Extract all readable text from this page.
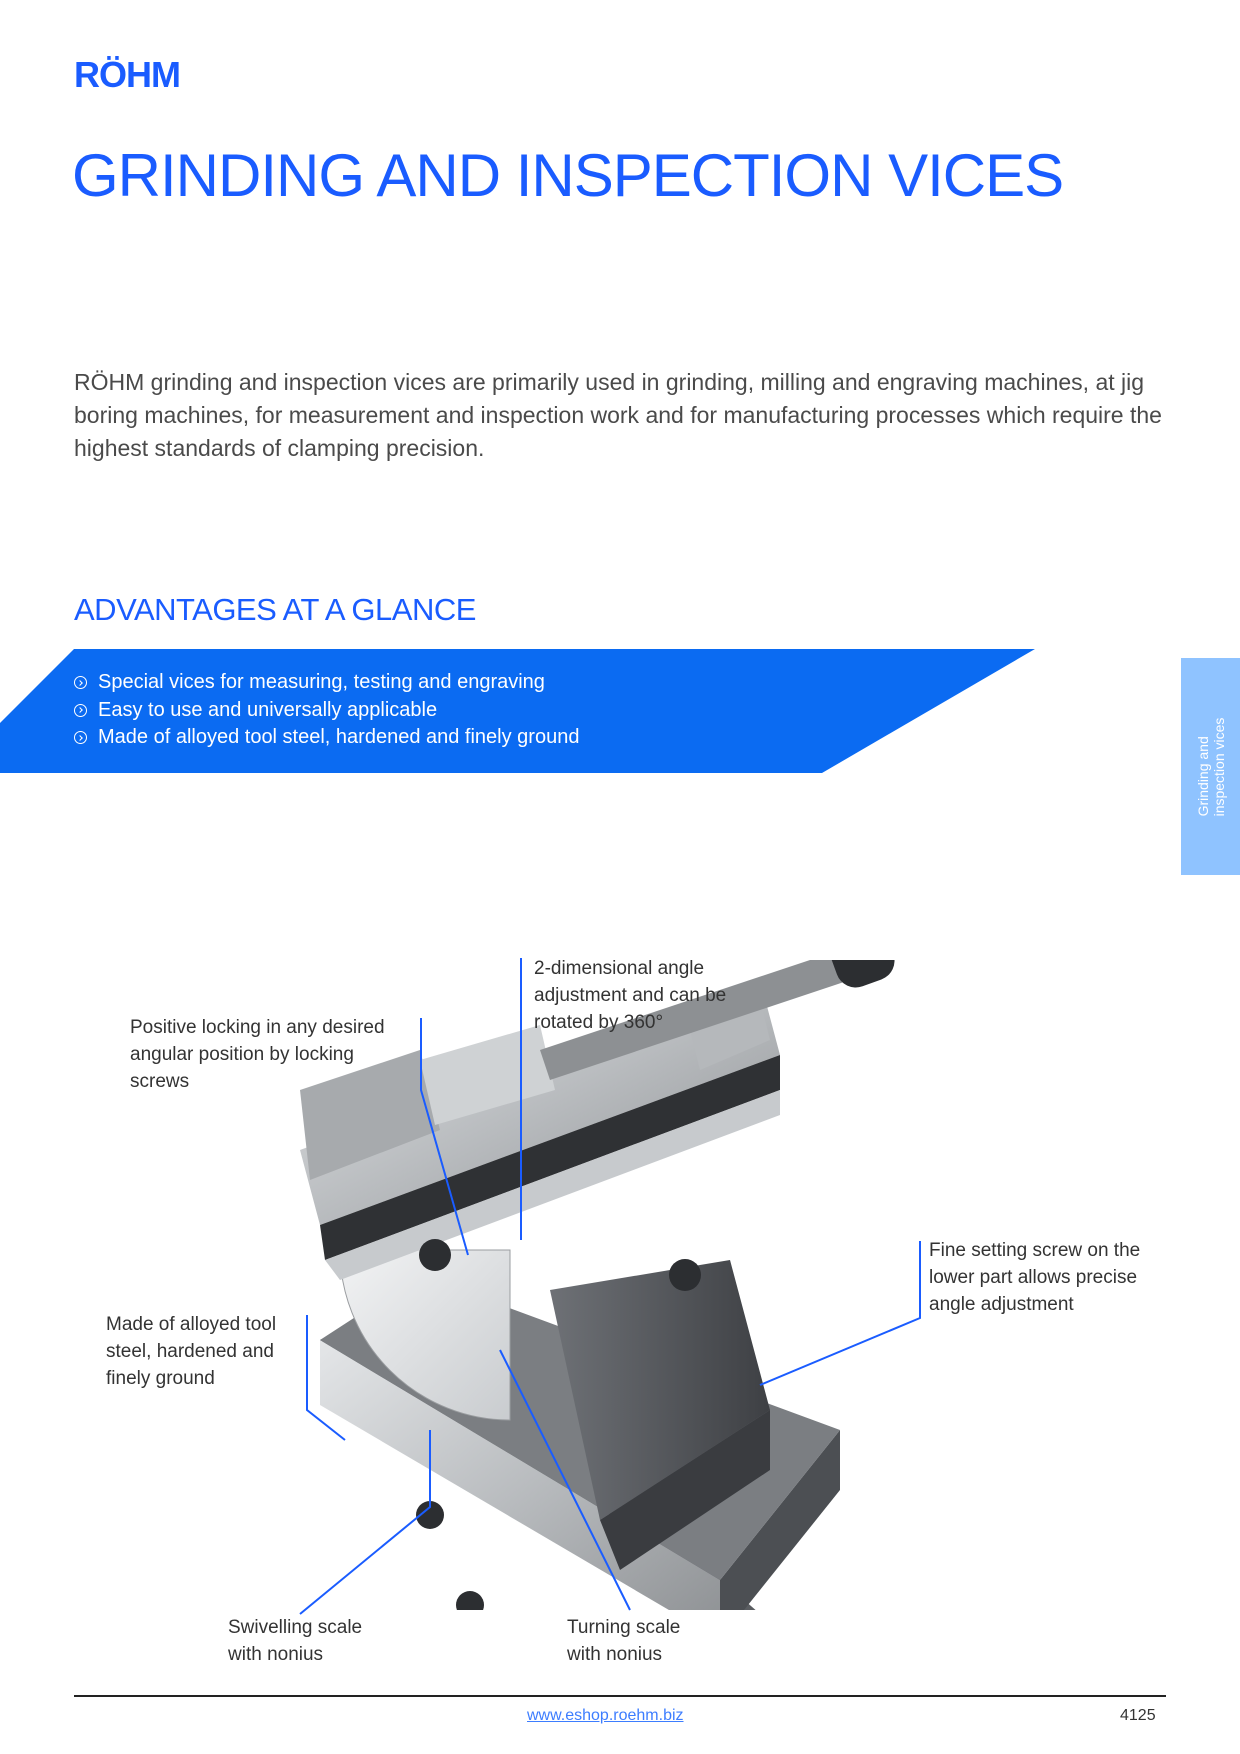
RÖHM
GRINDING AND INSPECTION VICES
RÖHM grinding and inspection vices are primarily used in grinding, milling and engraving machines, at jig boring machines, for measurement and inspection work and for manufacturing processes which require the highest standards of clamping precision.
ADVANTAGES AT A GLANCE
Special vices for measuring, testing and engraving
Easy to use and universally applicable
Made of alloyed tool steel, hardened and finely ground	Grinding and inspection vices
Positive locking in any desired angular position by locking screws
2-dimensional angle adjustment and can be rotated by 360°
Made of alloyed tool steel, hardened and finely ground
Fine setting screw on the lower part allows precise angle adjustment
Swivelling scale with nonius
Turning scale with nonius
www.eshop.roehm.biz	4125
